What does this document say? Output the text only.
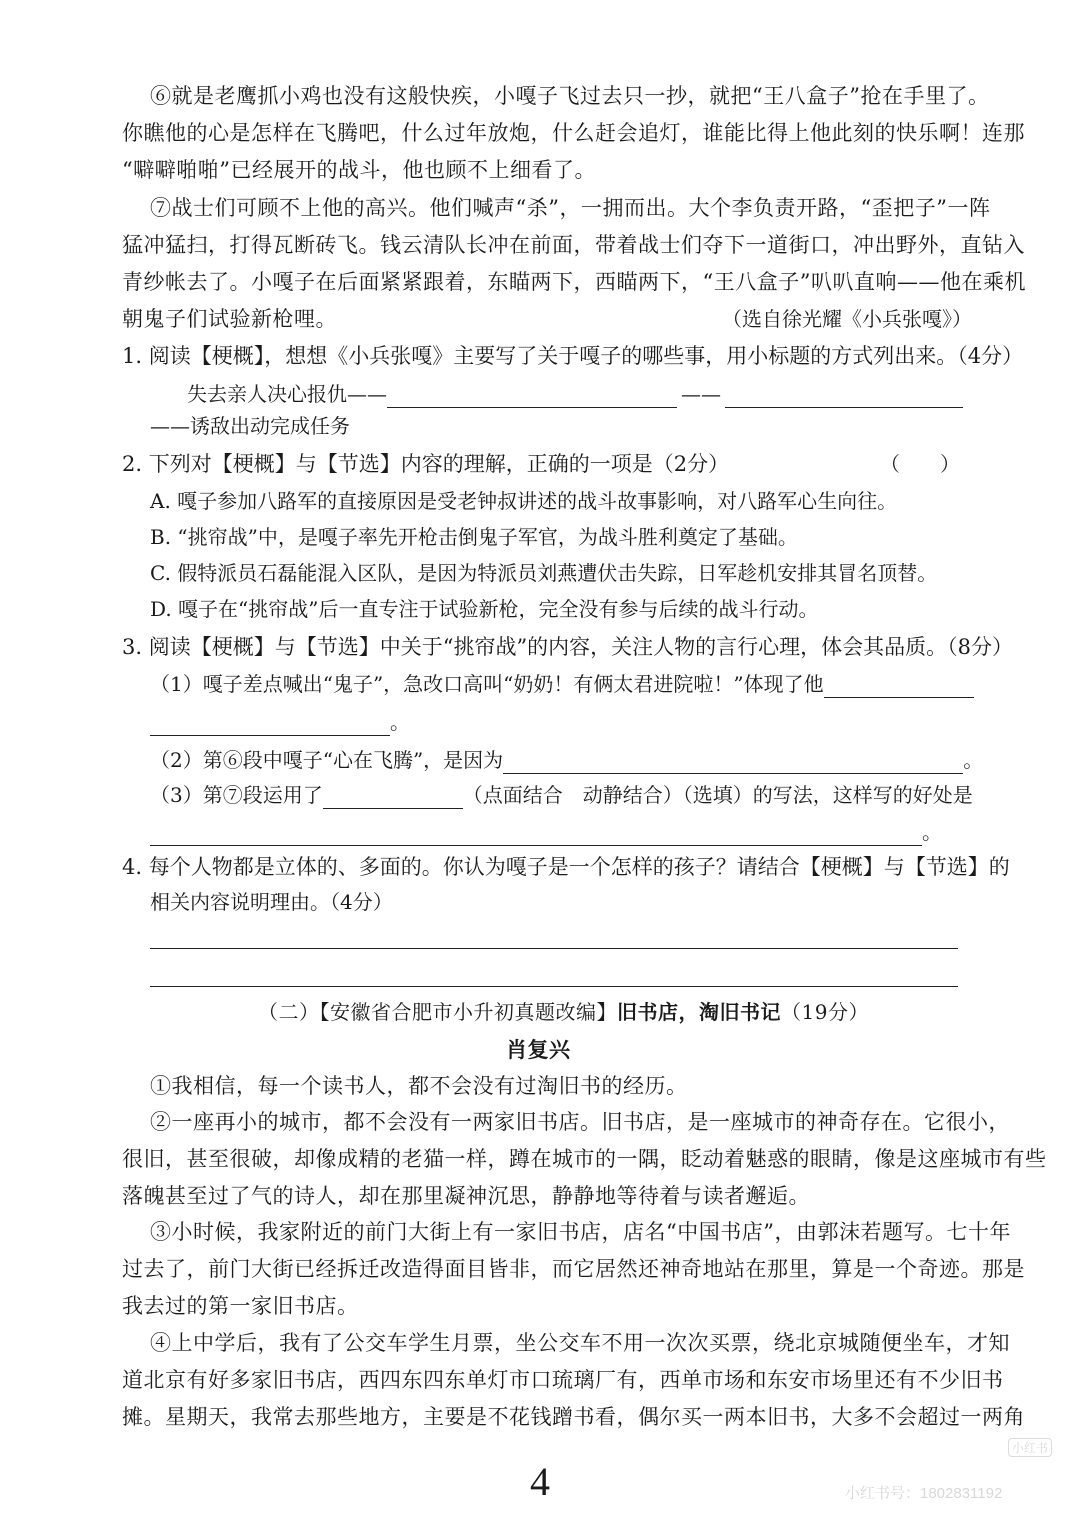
⑥就是老鹰抓小鸡也没有这般快疾，小嘎子飞过去只一抄，就把“王八盒子”抢在手里了。
你瞧他的心是怎样在飞腾吧，什么过年放炮，什么赶会追灯，谁能比得上他此刻的快乐啊！连那
“噼噼啪啪”已经展开的战斗，他也顾不上细看了。
⑦战士们可顾不上他的高兴。他们喊声“杀”，一拥而出。大个李负责开路，“歪把子”一阵
猛冲猛扫，打得瓦断砖飞。钱云清队长冲在前面，带着战士们夺下一道街口，冲出野外，直钻入
青纱帐去了。小嘎子在后面紧紧跟着，东瞄两下，西瞄两下，“王八盒子”叭叭直响——他在乘机
朝鬼子们试验新枪哩。	（选自徐光耀《小兵张嘎》）
1. 阅读【梗概】，想想《小兵张嘎》主要写了关于嘎子的哪些事，用小标题的方式列出来。（4分）
失去亲人决心报仇——	——
——诱敌出动完成任务
2. 下列对【梗概】与【节选】内容的理解，正确的一项是（2分）	（　　）
A. 嘎子参加八路军的直接原因是受老钟叔讲述的战斗故事影响，对八路军心生向往。
B. “挑帘战”中，是嘎子率先开枪击倒鬼子军官，为战斗胜利奠定了基础。
C. 假特派员石磊能混入区队，是因为特派员刘燕遭伏击失踪，日军趁机安排其冒名顶替。
D. 嘎子在“挑帘战”后一直专注于试验新枪，完全没有参与后续的战斗行动。
3. 阅读【梗概】与【节选】中关于“挑帘战”的内容，关注人物的言行心理，体会其品质。（8分）
（1）嘎子差点喊出“鬼子”，急改口高叫“奶奶！有俩太君进院啦！”体现了他
。
（2）第⑥段中嘎子“心在飞腾”，是因为	。
（3）第⑦段运用了	（点面结合　动静结合）（选填）的写法，这样写的好处是
。
4. 每个人物都是立体的、多面的。你认为嘎子是一个怎样的孩子？请结合【梗概】与【节选】的
相关内容说明理由。（4分）
（二）【安徽省合肥市小升初真题改编】旧书店，淘旧书记（19分）
肖复兴
①我相信，每一个读书人，都不会没有过淘旧书的经历。
②一座再小的城市，都不会没有一两家旧书店。旧书店，是一座城市的神奇存在。它很小，
很旧，甚至很破，却像成精的老猫一样，蹲在城市的一隅，眨动着魅惑的眼睛，像是这座城市有些
落魄甚至过了气的诗人，却在那里凝神沉思，静静地等待着与读者邂逅。
③小时候，我家附近的前门大街上有一家旧书店，店名“中国书店”，由郭沫若题写。七十年
过去了，前门大街已经拆迁改造得面目皆非，而它居然还神奇地站在那里，算是一个奇迹。那是
我去过的第一家旧书店。
④上中学后，我有了公交车学生月票，坐公交车不用一次次买票，绕北京城随便坐车，才知
道北京有好多家旧书店，西四东四东单灯市口琉璃厂有，西单市场和东安市场里还有不少旧书
摊。星期天，我常去那些地方，主要是不花钱蹭书看，偶尔买一两本旧书，大多不会超过一两角
4
小红书
小红书号：1802831192
